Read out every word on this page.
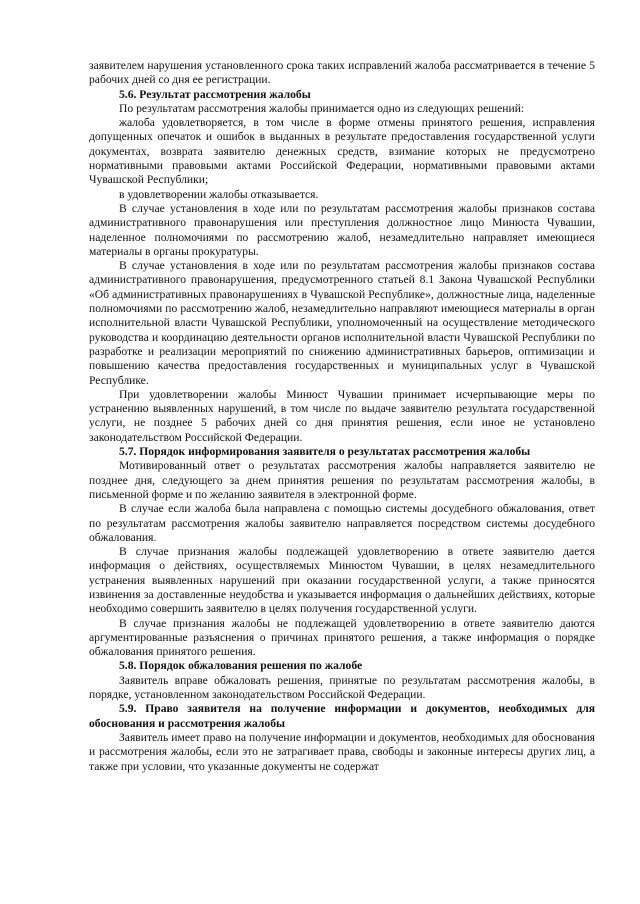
заявителем нарушения установленного срока таких исправлений жалоба рассматривается в течение 5 рабочих дней со дня ее регистрации.

5.6. Результат рассмотрения жалобы

По результатам рассмотрения жалобы принимается одно из следующих решений:

жалоба удовлетворяется, в том числе в форме отмены принятого решения, исправления допущенных опечаток и ошибок в выданных в результате предоставления государственной услуги документах, возврата заявителю денежных средств, взимание которых не предусмотрено нормативными правовыми актами Российской Федерации, нормативными правовыми актами Чувашской Республики;

в удовлетворении жалобы отказывается.

В случае установления в ходе или по результатам рассмотрения жалобы признаков состава административного правонарушения или преступления должностное лицо Минюста Чувашии, наделенное полномочиями по рассмотрению жалоб, незамедлительно направляет имеющиеся материалы в органы прокуратуры.

В случае установления в ходе или по результатам рассмотрения жалобы признаков состава административного правонарушения, предусмотренного статьей 8.1 Закона Чувашской Республики «Об административных правонарушениях в Чувашской Республике», должностные лица, наделенные полномочиями по рассмотрению жалоб, незамедлительно направляют имеющиеся материалы в орган исполнительной власти Чувашской Республики, уполномоченный на осуществление методического руководства и координацию деятельности органов исполнительной власти Чувашской Республики по разработке и реализации мероприятий по снижению административных барьеров, оптимизации и повышению качества предоставления государственных и муниципальных услуг в Чувашской Республике.

При удовлетворении жалобы Минюст Чувашии принимает исчерпывающие меры по устранению выявленных нарушений, в том числе по выдаче заявителю результата государственной услуги, не позднее 5 рабочих дней со дня принятия решения, если иное не установлено законодательством Российской Федерации.

5.7. Порядок информирования заявителя о результатах рассмотрения жалобы

Мотивированный ответ о результатах рассмотрения жалобы направляется заявителю не позднее дня, следующего за днем принятия решения по результатам рассмотрения жалобы, в письменной форме и по желанию заявителя в электронной форме.

В случае если жалоба была направлена с помощью системы досудебного обжалования, ответ по результатам рассмотрения жалобы заявителю направляется посредством системы досудебного обжалования.

В случае признания жалобы подлежащей удовлетворению в ответе заявителю дается информация о действиях, осуществляемых Минюстом Чувашии, в целях незамедлительного устранения выявленных нарушений при оказании государственной услуги, а также приносятся извинения за доставленные неудобства и указывается информация о дальнейших действиях, которые необходимо совершить заявителю в целях получения государственной услуги.

В случае признания жалобы не подлежащей удовлетворению в ответе заявителю даются аргументированные разъяснения о причинах принятого решения, а также информация о порядке обжалования принятого решения.

5.8. Порядок обжалования решения по жалобе

Заявитель вправе обжаловать решения, принятые по результатам рассмотрения жалобы, в порядке, установленном законодательством Российской Федерации.

5.9. Право заявителя на получение информации и документов, необходимых для обоснования и рассмотрения жалобы

Заявитель имеет право на получение информации и документов, необходимых для обоснования и рассмотрения жалобы, если это не затрагивает права, свободы и законные интересы других лиц, а также при условии, что указанные документы не содержат
